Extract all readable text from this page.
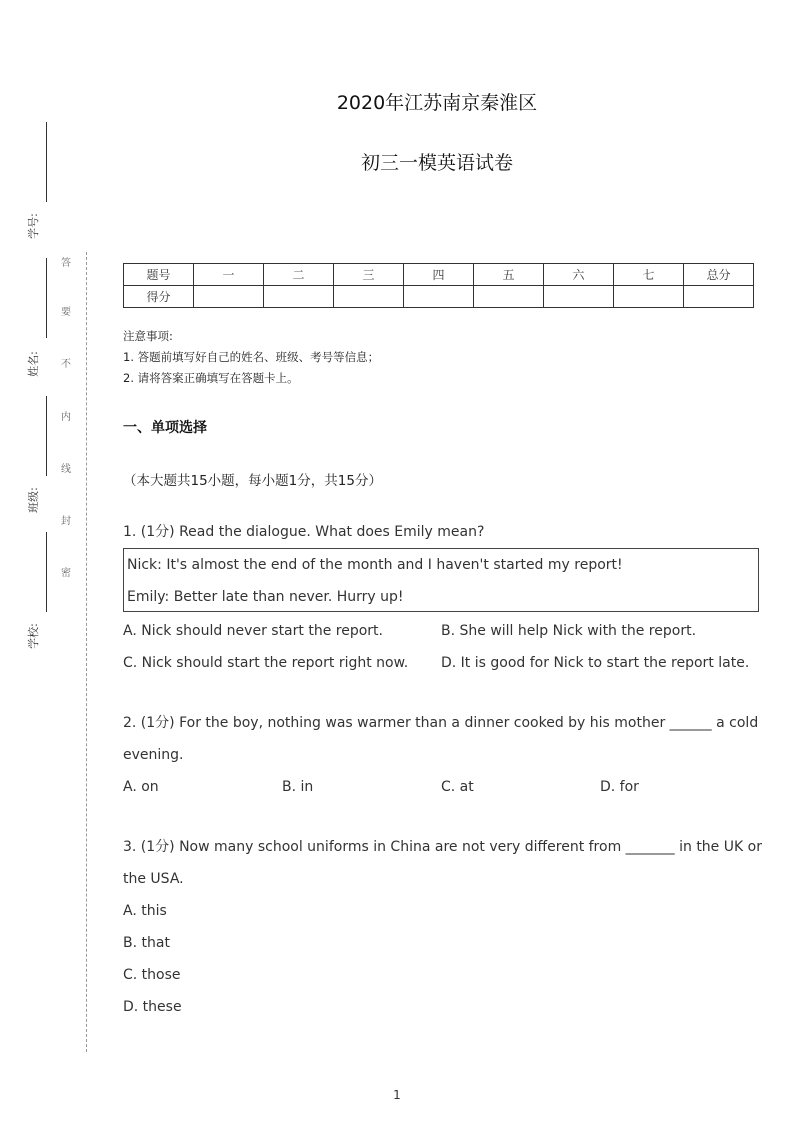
2020年江苏南京秦淮区
初三一模英语试卷
学号:
姓名:
班级:
学校:
答
要
不
内
线
封
密
题号	一	二	三	四	五	六	七	总分
得分								
注意事项:
1. 答题前填写好自己的姓名、班级、考号等信息；
2. 请将答案正确填写在答题卡上。
一、单项选择
（本大题共15小题，每小题1分，共15分）
1. (1分) Read the dialogue. What does Emily mean?
Nick: It's almost the end of the month and I haven't started my report!
Emily: Better late than never. Hurry up!
A. Nick should never start the report.	B. She will help Nick with the report.
C. Nick should start the report right now. D. It is good for Nick to start the report late.
2. (1分) For the boy, nothing was warmer than a dinner cooked by his mother ______ a cold
evening.
A. on	B. in	C. at	D. for
3. (1分) Now many school uniforms in China are not very different from _______ in the UK or
the USA.
A. this
B. that
C. those
D. these
1
